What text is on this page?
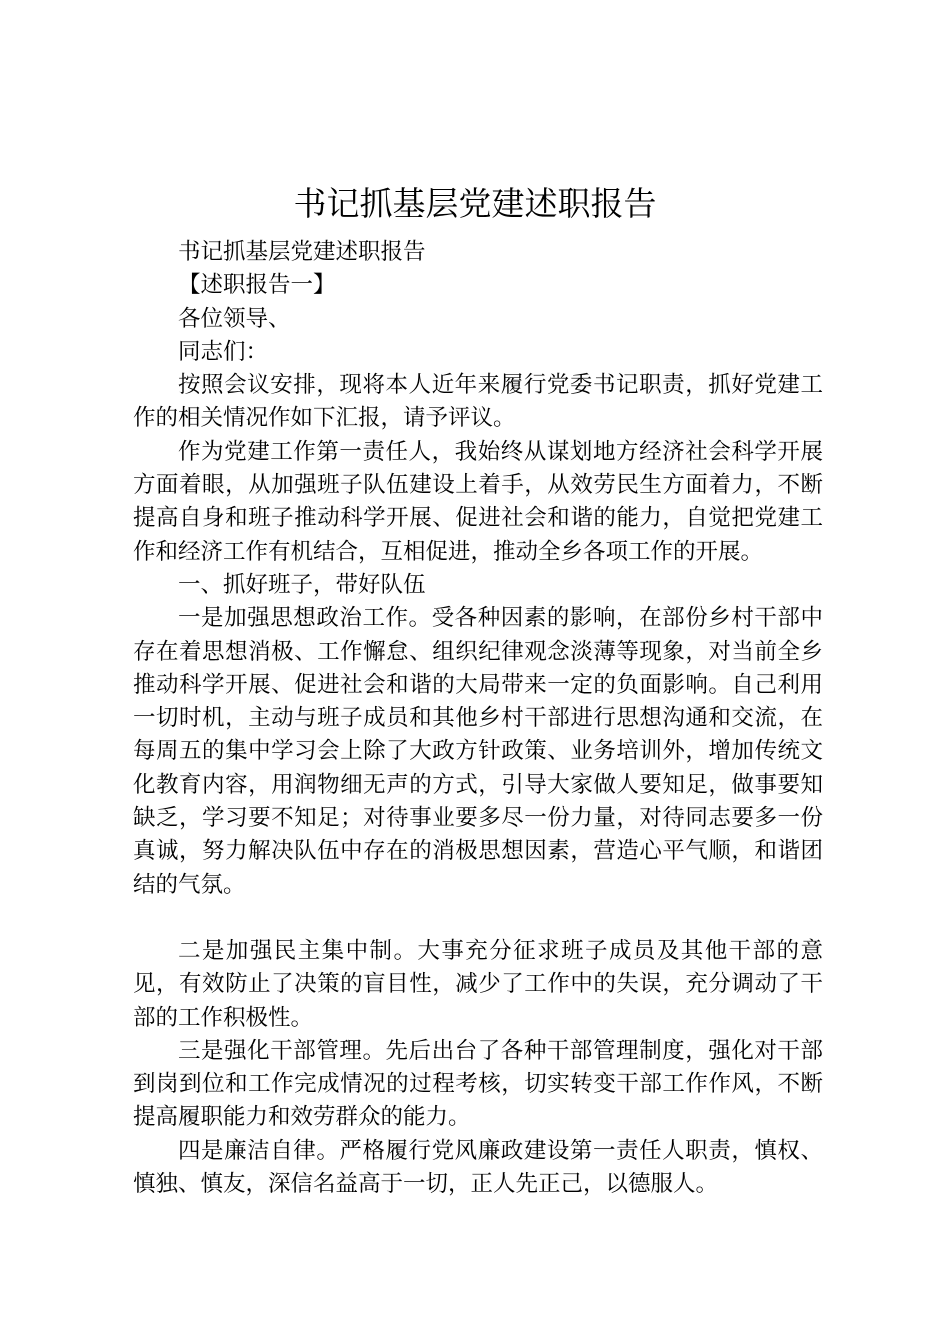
书记抓基层党建述职报告

书记抓基层党建述职报告

【述职报告一】

各位领导、

同志们：

按照会议安排，现将本人近年来履行党委书记职责，抓好党建工作的相关情况作如下汇报，请予评议。

作为党建工作第一责任人，我始终从谋划地方经济社会科学开展方面着眼，从加强班子队伍建设上着手，从效劳民生方面着力，不断提高自身和班子推动科学开展、促进社会和谐的能力，自觉把党建工作和经济工作有机结合，互相促进，推动全乡各项工作的开展。

一、抓好班子，带好队伍

一是加强思想政治工作。受各种因素的影响，在部份乡村干部中存在着思想消极、工作懈怠、组织纪律观念淡薄等现象，对当前全乡推动科学开展、促进社会和谐的大局带来一定的负面影响。自己利用一切时机，主动与班子成员和其他乡村干部进行思想沟通和交流，在每周五的集中学习会上除了大政方针政策、业务培训外，增加传统文化教育内容，用润物细无声的方式，引导大家做人要知足，做事要知缺乏，学习要不知足；对待事业要多尽一份力量，对待同志要多一份真诚，努力解决队伍中存在的消极思想因素，营造心平气顺，和谐团结的气氛。

二是加强民主集中制。大事充分征求班子成员及其他干部的意见，有效防止了决策的盲目性，减少了工作中的失误，充分调动了干部的工作积极性。

三是强化干部管理。先后出台了各种干部管理制度，强化对干部到岗到位和工作完成情况的过程考核，切实转变干部工作作风，不断提高履职能力和效劳群众的能力。

四是廉洁自律。严格履行党风廉政建设第一责任人职责，慎权、慎独、慎友，深信名益高于一切，正人先正己，以德服人。
